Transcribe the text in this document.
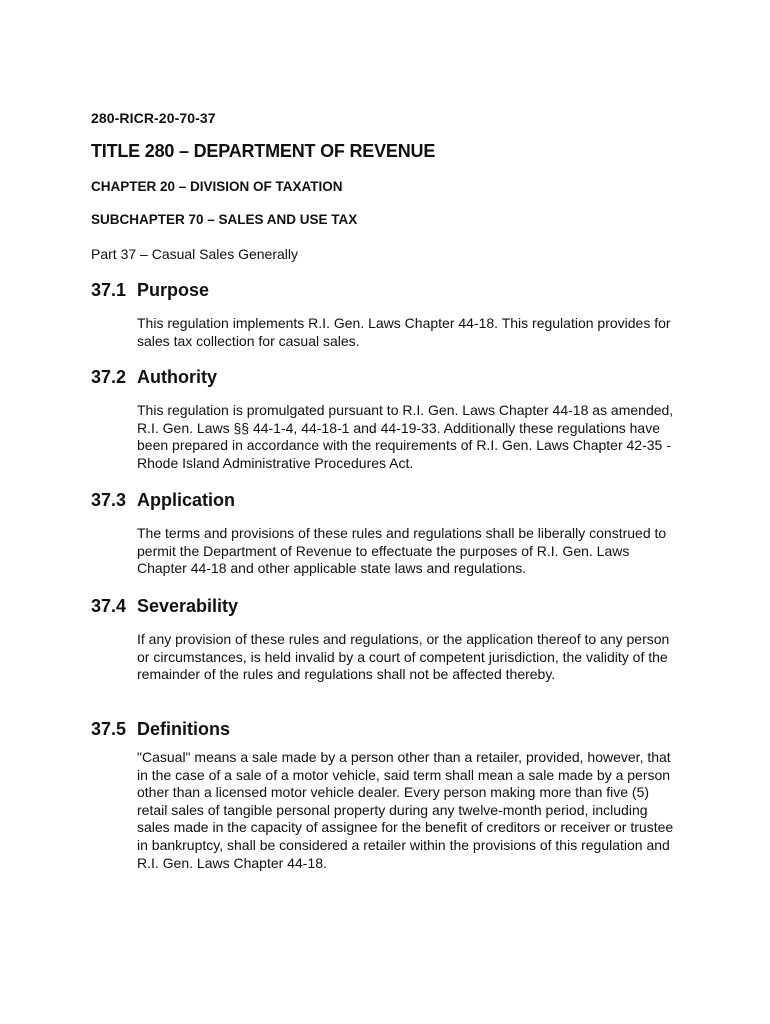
280-RICR-20-70-37
TITLE 280 – DEPARTMENT OF REVENUE
CHAPTER 20 – DIVISION OF TAXATION
SUBCHAPTER 70 – SALES AND USE TAX
Part 37 – Casual Sales Generally
37.1 Purpose

This regulation implements R.I. Gen. Laws Chapter 44-18. This regulation provides for sales tax collection for casual sales.

37.2 Authority

This regulation is promulgated pursuant to R.I. Gen. Laws Chapter 44-18 as amended, R.I. Gen. Laws §§ 44-1-4, 44-18-1 and 44-19-33. Additionally these regulations have been prepared in accordance with the requirements of R.I. Gen. Laws Chapter 42-35 - Rhode Island Administrative Procedures Act.

37.3 Application

The terms and provisions of these rules and regulations shall be liberally construed to permit the Department of Revenue to effectuate the purposes of R.I. Gen. Laws Chapter 44-18 and other applicable state laws and regulations.

37.4 Severability

If any provision of these rules and regulations, or the application thereof to any person or circumstances, is held invalid by a court of competent jurisdiction, the validity of the remainder of the rules and regulations shall not be affected thereby.

37.5 Definitions

"Casual" means a sale made by a person other than a retailer, provided, however, that in the case of a sale of a motor vehicle, said term shall mean a sale made by a person other than a licensed motor vehicle dealer. Every person making more than five (5) retail sales of tangible personal property during any twelve-month period, including sales made in the capacity of assignee for the benefit of creditors or receiver or trustee in bankruptcy, shall be considered a retailer within the provisions of this regulation and R.I. Gen. Laws Chapter 44-18.
